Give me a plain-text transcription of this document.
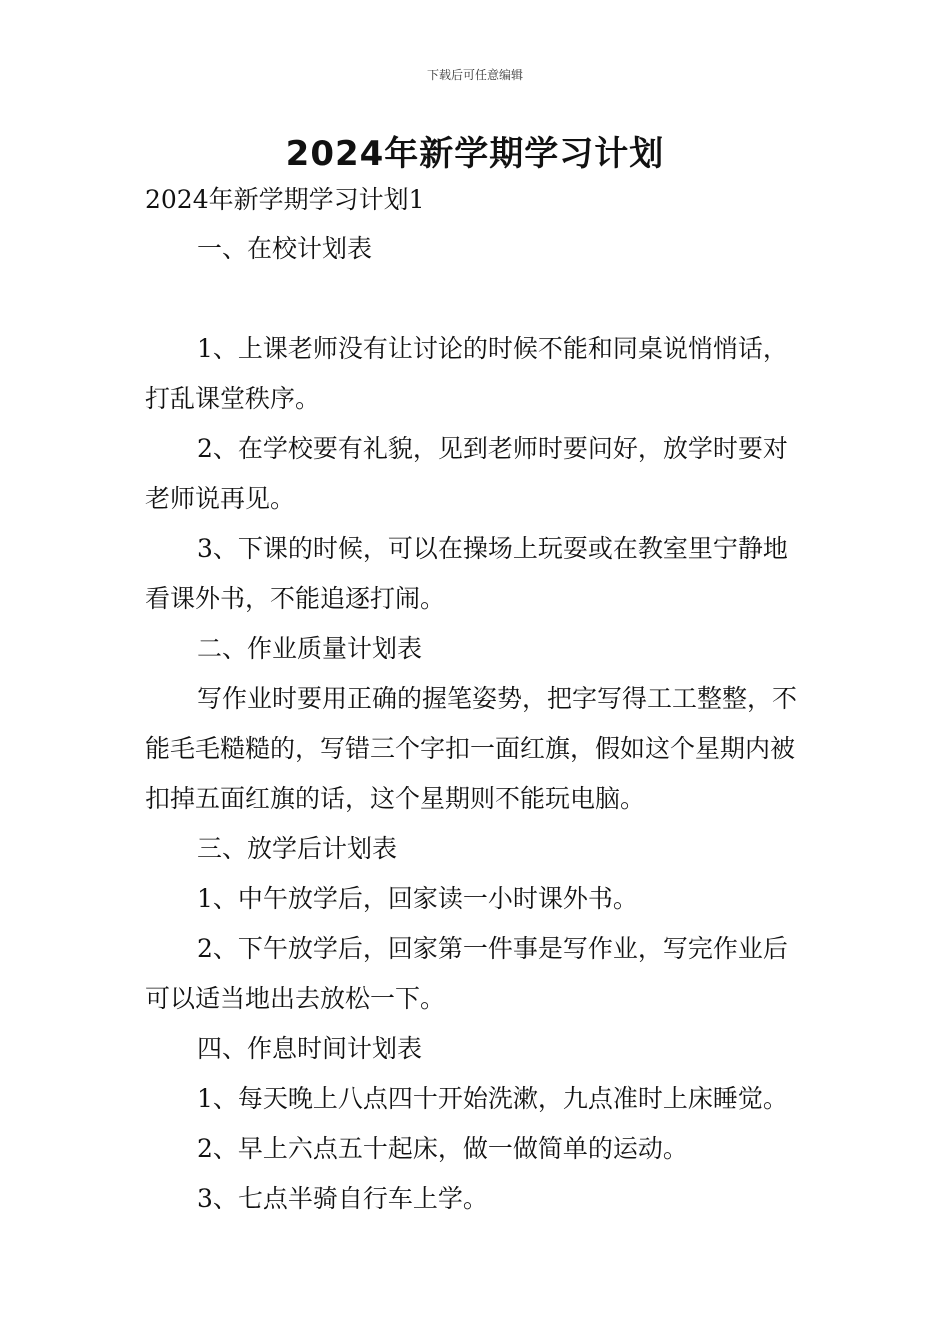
下载后可任意编辑
2024年新学期学习计划
2024年新学期学习计划1

一、在校计划表

1、上课老师没有让讨论的时候不能和同桌说悄悄话，打乱课堂秩序。

2、在学校要有礼貌，见到老师时要问好，放学时要对老师说再见。

3、下课的时候，可以在操场上玩耍或在教室里宁静地看课外书，不能追逐打闹。

二、作业质量计划表

写作业时要用正确的握笔姿势，把字写得工工整整，不能毛毛糙糙的，写错三个字扣一面红旗，假如这个星期内被扣掉五面红旗的话，这个星期则不能玩电脑。

三、放学后计划表

1、中午放学后，回家读一小时课外书。

2、下午放学后，回家第一件事是写作业，写完作业后可以适当地出去放松一下。

四、作息时间计划表

1、每天晚上八点四十开始洗漱，九点准时上床睡觉。

2、早上六点五十起床，做一做简单的运动。

3、七点半骑自行车上学。
